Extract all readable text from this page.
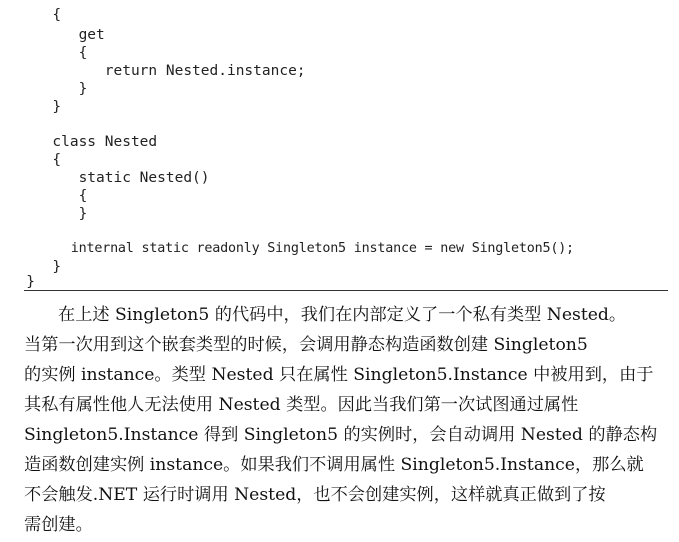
{
get
{
return Nested.instance;
}
}
class Nested
{
static Nested()
{
}
internal static readonly Singleton5 instance = new Singleton5();
}
}
在上述 Singleton5 的代码中，我们在内部定义了一个私有类型 Nested。
当第一次用到这个嵌套类型的时候，会调用静态构造函数创建 Singleton5
的实例 instance。类型 Nested 只在属性 Singleton5.Instance 中被用到，由于
其私有属性他人无法使用 Nested 类型。因此当我们第一次试图通过属性
Singleton5.Instance 得到 Singleton5 的实例时，会自动调用 Nested 的静态构
造函数创建实例 instance。如果我们不调用属性 Singleton5.Instance，那么就
不会触发.NET 运行时调用 Nested，也不会创建实例，这样就真正做到了按
需创建。
